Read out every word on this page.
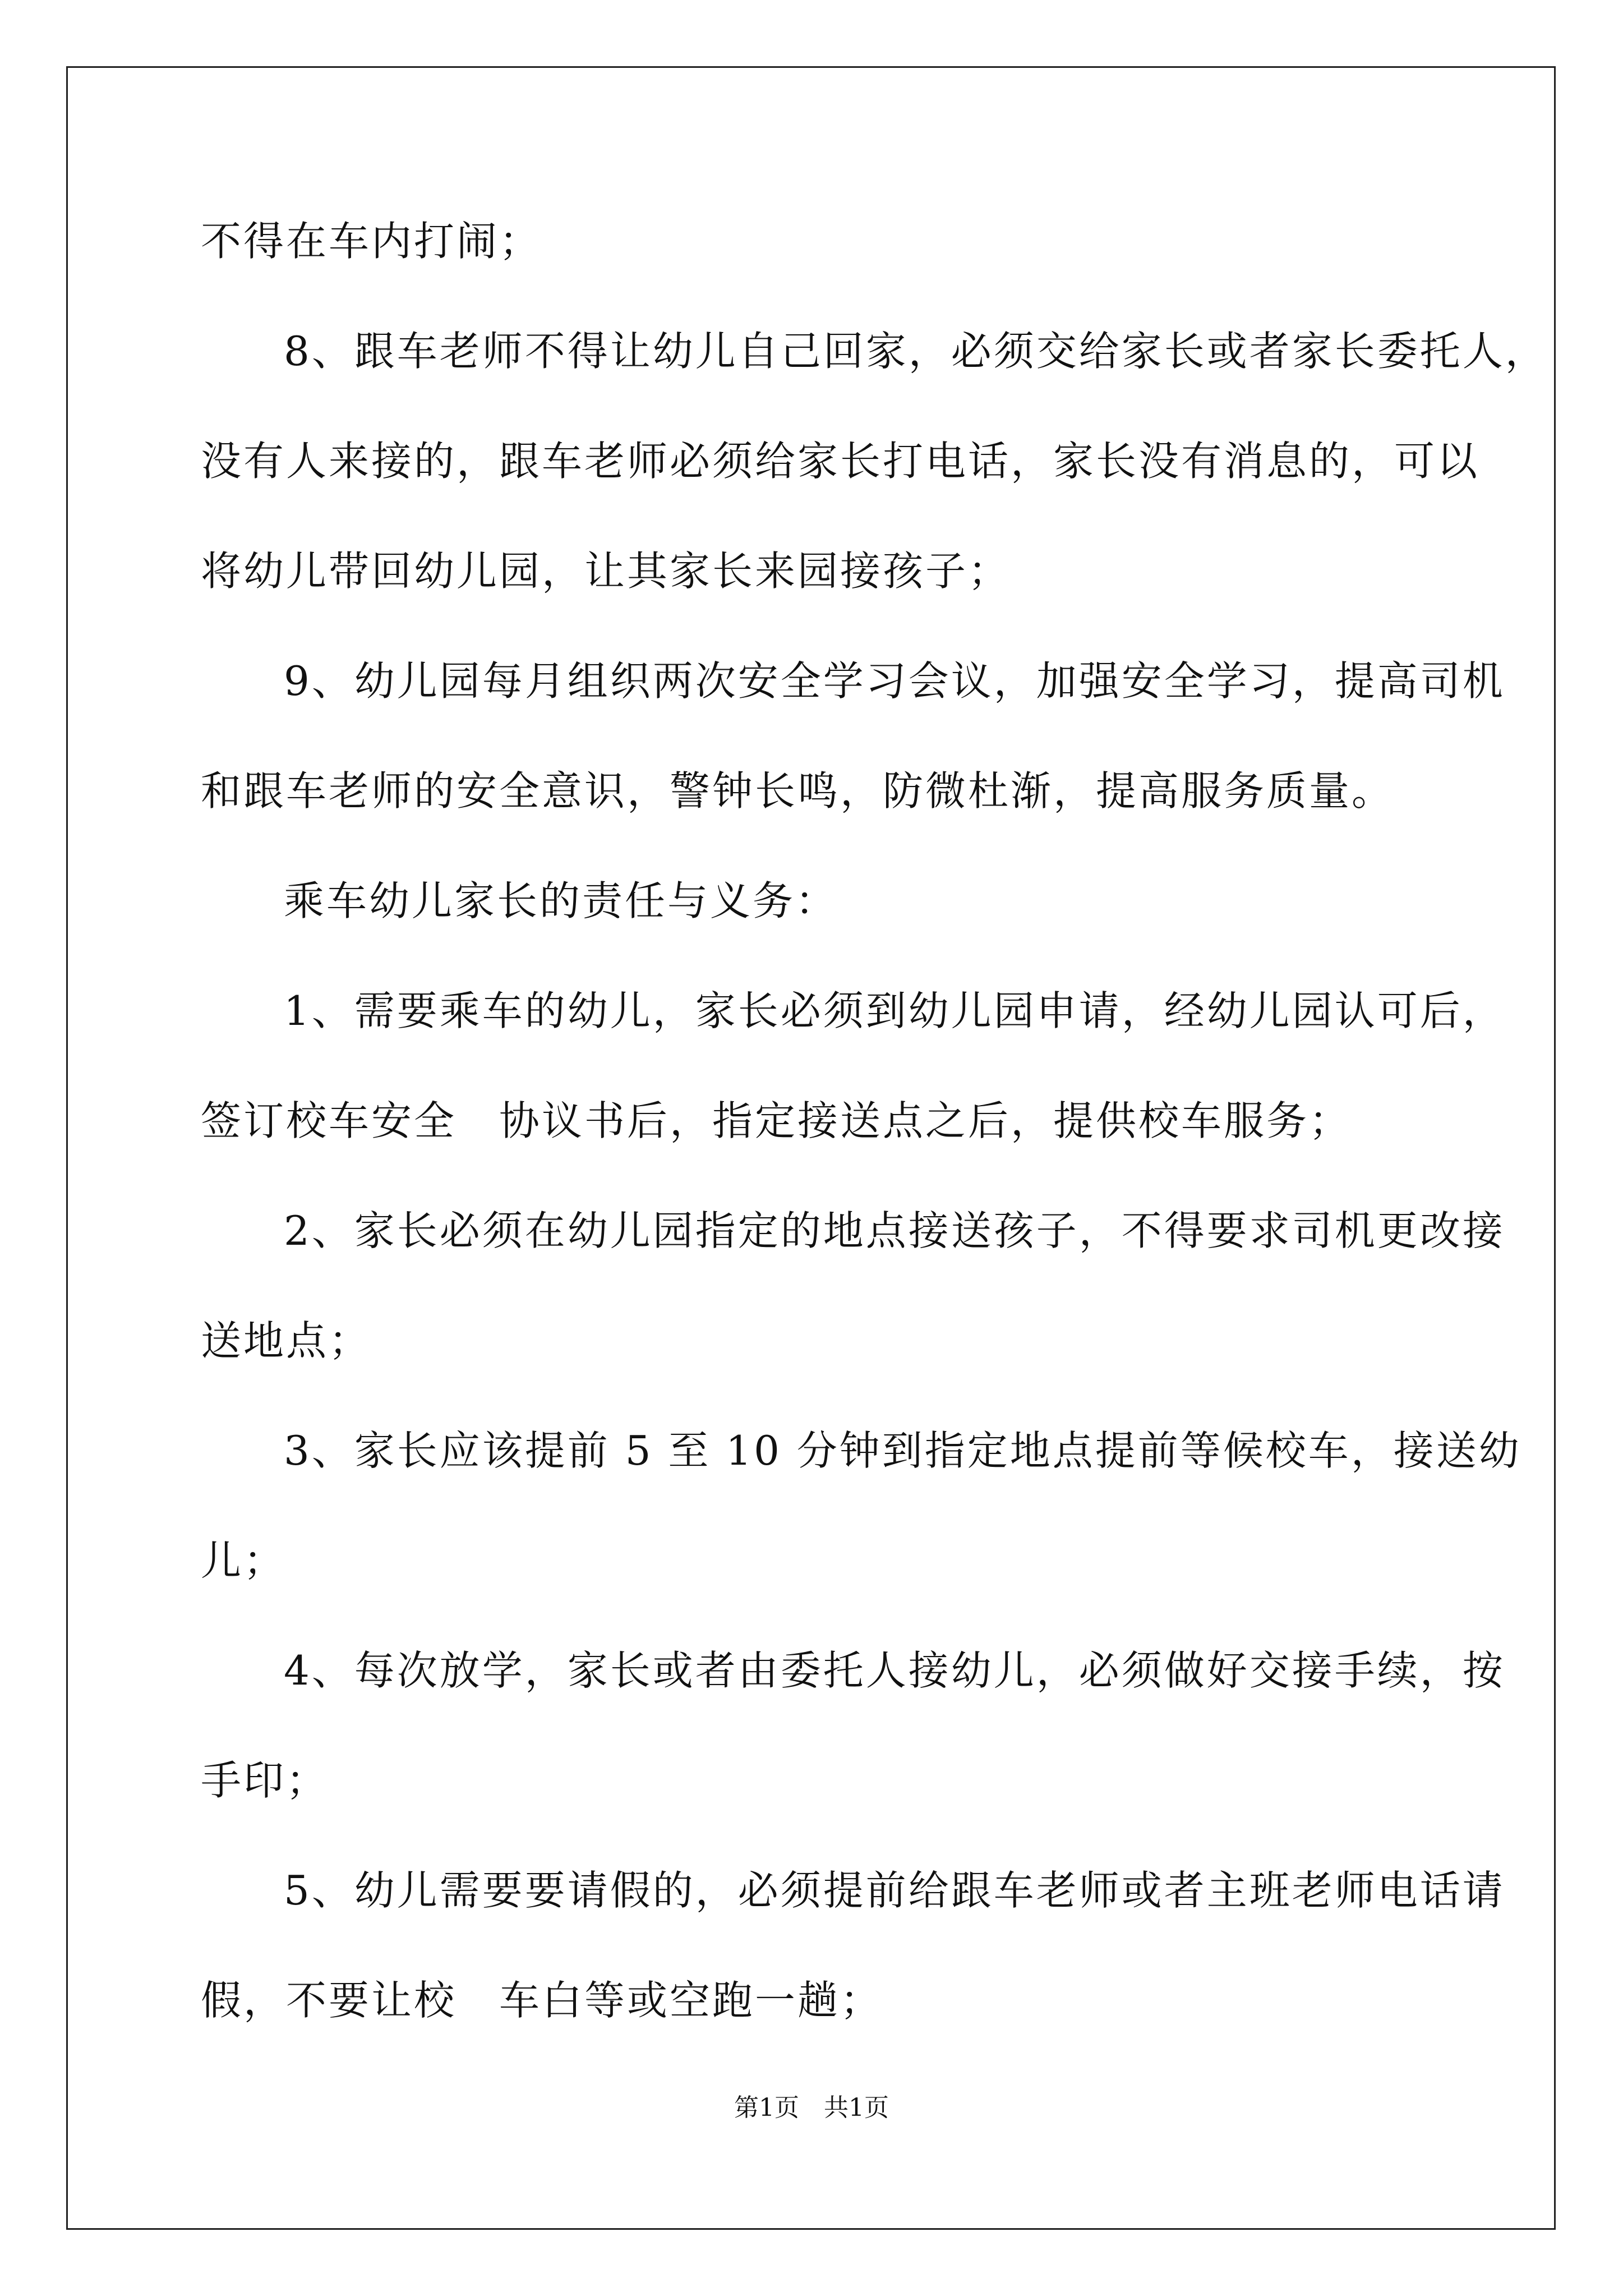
不得在车内打闹；
8、跟车老师不得让幼儿自己回家，必须交给家长或者家长委托人，
没有人来接的，跟车老师必须给家长打电话，家长没有消息的，可以
将幼儿带回幼儿园，让其家长来园接孩子；
9、幼儿园每月组织两次安全学习会议，加强安全学习，提高司机
和跟车老师的安全意识，警钟长鸣，防微杜渐，提高服务质量。
乘车幼儿家长的责任与义务：
1、需要乘车的幼儿，家长必须到幼儿园申请，经幼儿园认可后，
签订校车安全　协议书后，指定接送点之后，提供校车服务；
2、家长必须在幼儿园指定的地点接送孩子，不得要求司机更改接
送地点；
3、家长应该提前 5 至 10 分钟到指定地点提前等候校车，接送幼
儿；
4、每次放学，家长或者由委托人接幼儿，必须做好交接手续，按
手印；
5、幼儿需要要请假的，必须提前给跟车老师或者主班老师电话请
假，不要让校　车白等或空跑一趟；
第1页　共1页
